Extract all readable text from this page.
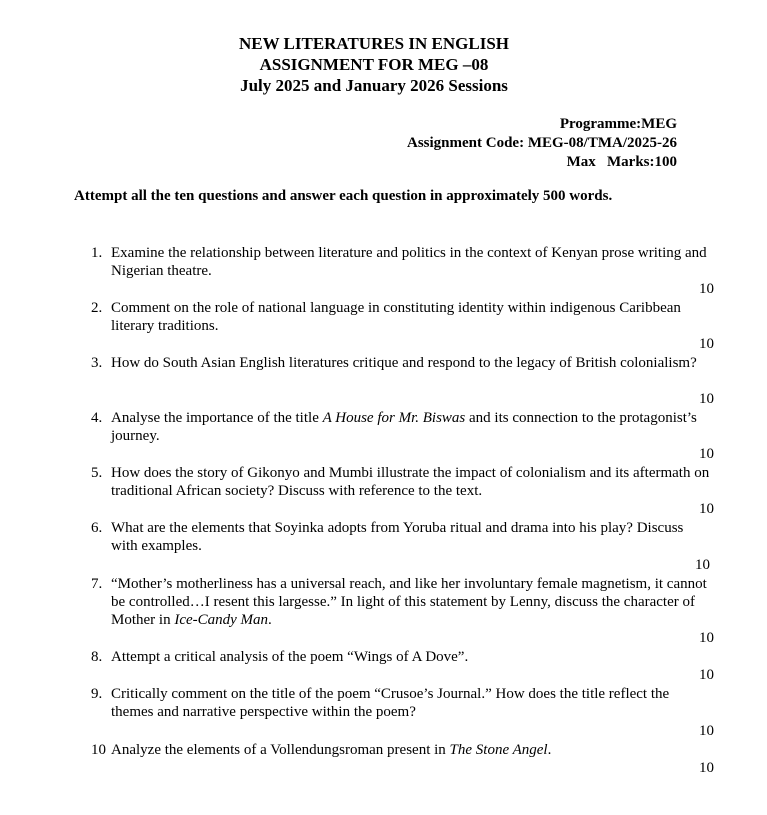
NEW LITERATURES IN ENGLISH
ASSIGNMENT FOR MEG –08
July 2025 and January 2026 Sessions
Programme:MEG
Assignment Code: MEG-08/TMA/2025-26
Max   Marks:100
Attempt all the ten questions and answer each question in approximately 500 words.
1. Examine the relationship between literature and politics in the context of Kenyan prose writing and Nigerian theatre.
10
2. Comment on the role of national language in constituting identity within indigenous Caribbean literary traditions.
10
3. How do South Asian English literatures critique and respond to the legacy of British colonialism?
10
4. Analyse the importance of the title A House for Mr. Biswas and its connection to the protagonist’s journey.
10
5. How does the story of Gikonyo and Mumbi illustrate the impact of colonialism and its aftermath on traditional African society? Discuss with reference to the text.
10
6. What are the elements that Soyinka adopts from Yoruba ritual and drama into his play? Discuss with examples.
10
7. “Mother’s motherliness has a universal reach, and like her involuntary female magnetism, it cannot be controlled…I resent this largesse.” In light of this statement by Lenny, discuss the character of Mother in Ice-Candy Man.
10
8. Attempt a critical analysis of the poem “Wings of A Dove”.
10
9. Critically comment on the title of the poem “Crusoe’s Journal.” How does the title reflect the themes and narrative perspective within the poem?
10
10 Analyze the elements of a Vollendungsroman present in The Stone Angel.
10
